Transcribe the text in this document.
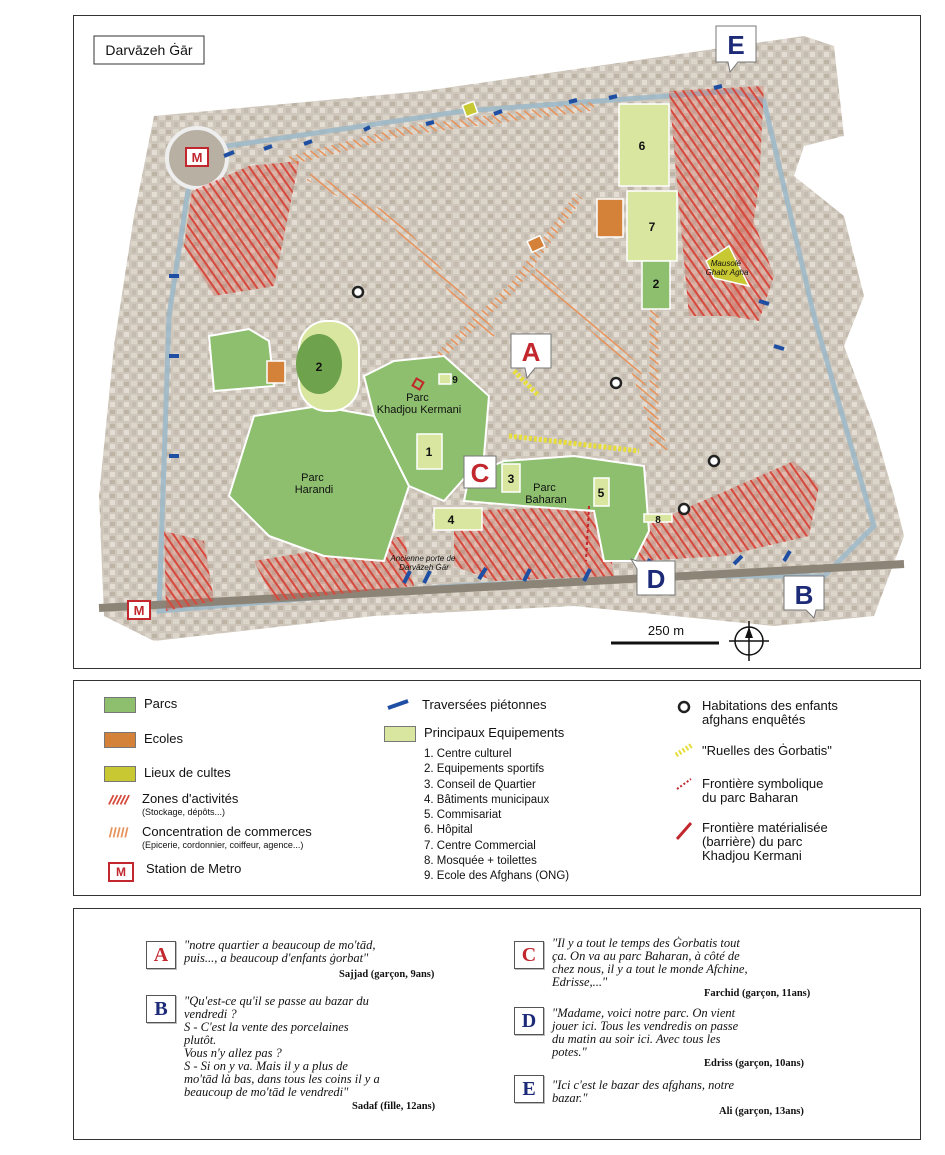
M
M
6
7
2
2
1
3
4
5
8
9
Parc Harandi
Parc Khadjou Kermani
Parc Baharan
Mausolé Ghabr Agha
Ancienne porte de Darvāzeh Ġār
A
C
D
B
E
Darvāzeh Ġār
250 m
Parcs
Ecoles
Lieux de cultes
Zones d'activités
(Stockage, dépôts...)
Concentration de commerces
(Epicerie, cordonnier, coiffeur, agence...)
M	Station de Metro
Traversées piétonnes
Principaux Equipements
1. Centre culturel
2. Equipements sportifs
3. Conseil de Quartier
4. Bâtiments municipaux
5. Commisariat
6. Hôpital
7. Centre Commercial
8. Mosquée + toilettes
9. Ecole des Afghans (ONG)
Habitations des enfants
afghans enquêtés
"Ruelles des Ġorbatis"
Frontière symbolique
du parc Baharan
Frontière matérialisée
(barrière) du parc
Khadjou Kermani
A	"notre quartier a beaucoup de mo'tād,
puis..., a beaucoup d'enfants ġorbat"
Sajjad (garçon, 9ans)
B	"Qu'est-ce qu'il se passe au bazar du
vendredi ?
S - C'est la vente des porcelaines
plutôt.
Vous n'y allez pas ?
S - Si on y va. Mais il y a plus de
mo'tād là bas, dans tous les coins il y a
beaucoup de mo'tād le vendredi"
Sadaf (fille, 12ans)
C
"Il y a tout le temps des Ġorbatis tout
ça. On va au parc Baharan, à côté de
chez nous, il y a tout le monde Afchine,
Edrisse,..."
Farchid (garçon, 11ans)
D	"Madame, voici notre parc. On vient
jouer ici. Tous les vendredis on passe
du matin au soir ici. Avec tous les
potes."
Edriss (garçon, 10ans)
E	"Ici c'est le bazar des afghans, notre
bazar."
Ali (garçon, 13ans)
